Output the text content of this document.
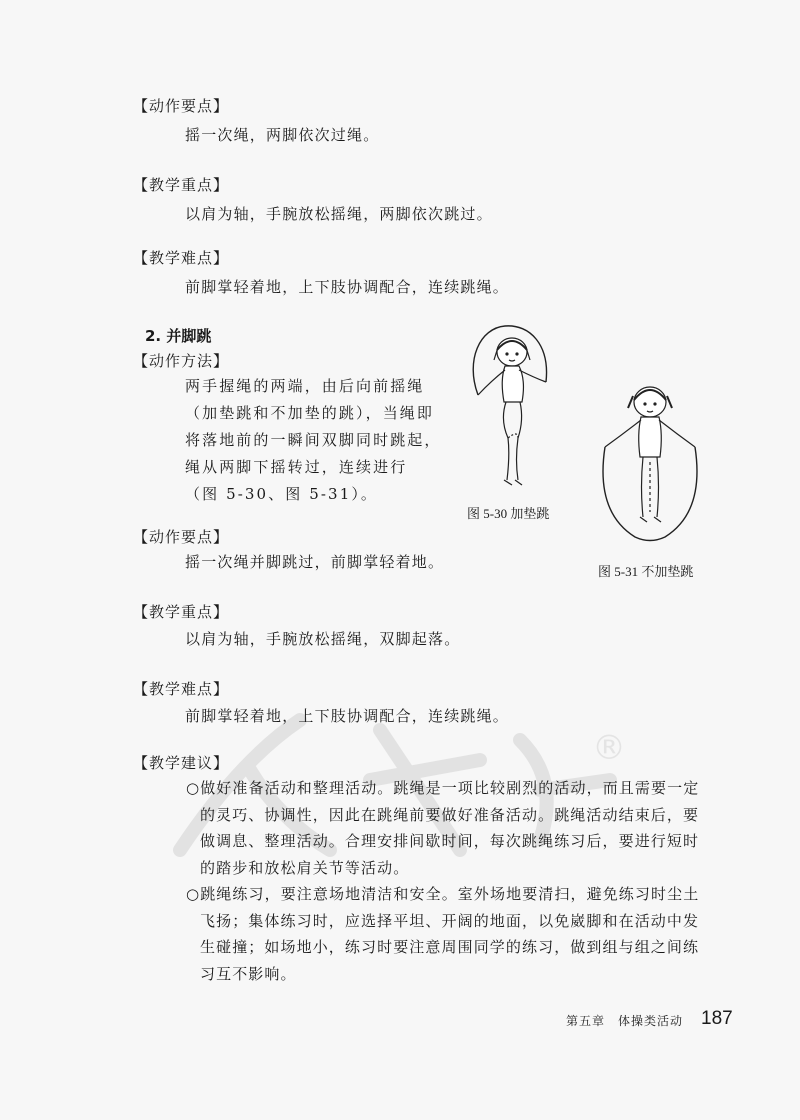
®
【动作要点】
摇一次绳，两脚依次过绳。
【教学重点】
以肩为轴，手腕放松摇绳，两脚依次跳过。
【教学难点】
前脚掌轻着地，上下肢协调配合，连续跳绳。
2. 并脚跳
【动作方法】

两手握绳的两端，由后向前摇绳

（加垫跳和不加垫的跳），当绳即

将落地前的一瞬间双脚同时跳起，

绳从两脚下摇转过，连续进行

（图 5-30、图 5-31）。

图 5-30 加垫跳
图 5-31 不加垫跳
【动作要点】
摇一次绳并脚跳过，前脚掌轻着地。
【教学重点】
以肩为轴，手腕放松摇绳，双脚起落。
【教学难点】
前脚掌轻着地，上下肢协调配合，连续跳绳。
【教学建议】

○做好准备活动和整理活动。跳绳是一项比较剧烈的活动，而且需要一定

的灵巧、协调性，因此在跳绳前要做好准备活动。跳绳活动结束后，要

做调息、整理活动。合理安排间歇时间，每次跳绳练习后，要进行短时

的踏步和放松肩关节等活动。

○跳绳练习，要注意场地清洁和安全。室外场地要清扫，避免练习时尘土

飞扬；集体练习时，应选择平坦、开阔的地面，以免崴脚和在活动中发

生碰撞；如场地小，练习时要注意周围同学的练习，做到组与组之间练

习互不影响。

第五章　体操类活动 187
